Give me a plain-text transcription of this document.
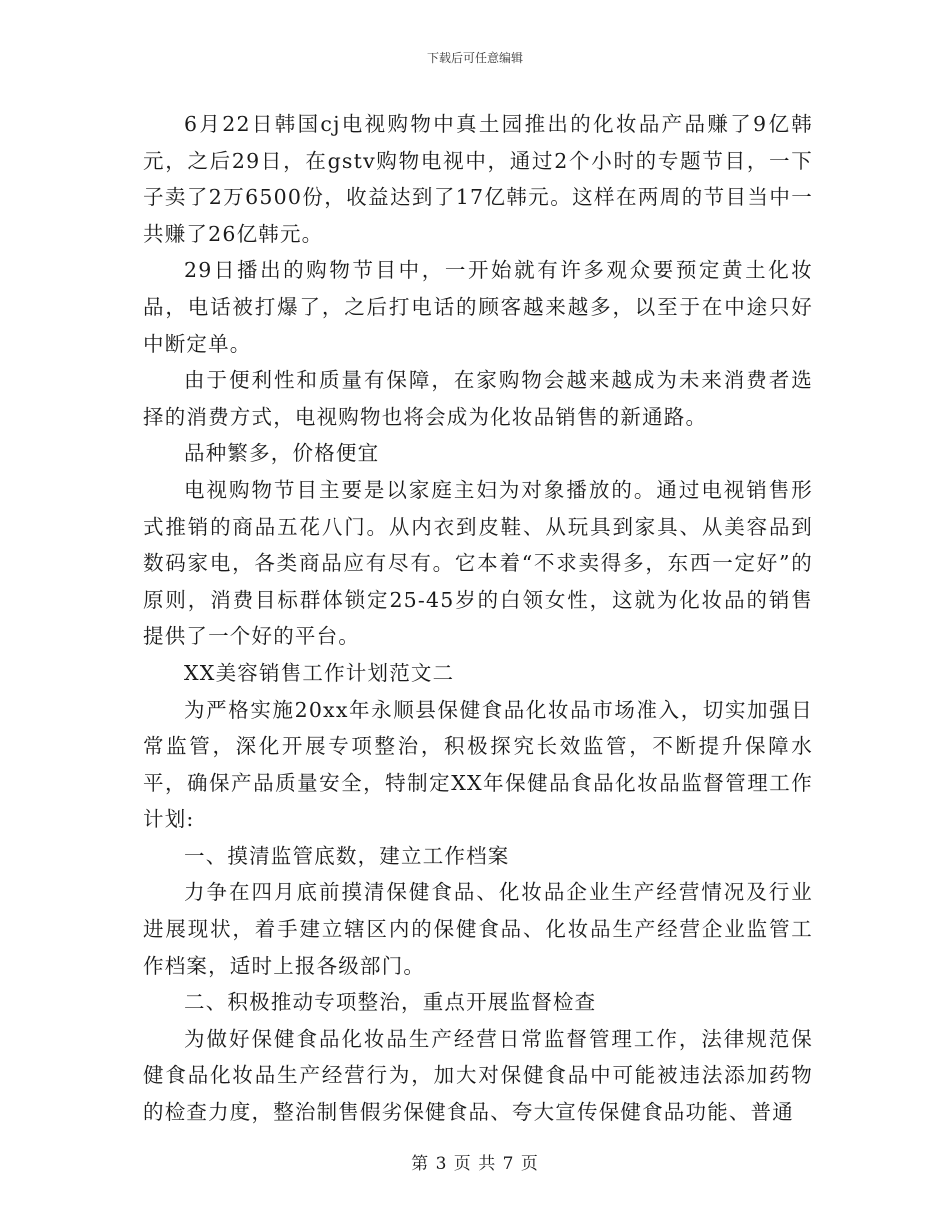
下载后可任意编辑

6月22日韩国cj电视购物中真土园推出的化妆品产品赚了9亿韩元，之后29日，在gstv购物电视中，通过2个小时的专题节目，一下子卖了2万6500份，收益达到了17亿韩元。这样在两周的节目当中一共赚了26亿韩元。

29日播出的购物节目中，一开始就有许多观众要预定黄土化妆品，电话被打爆了，之后打电话的顾客越来越多，以至于在中途只好中断定单。

由于便利性和质量有保障，在家购物会越来越成为未来消费者选择的消费方式，电视购物也将会成为化妆品销售的新通路。

品种繁多，价格便宜

电视购物节目主要是以家庭主妇为对象播放的。通过电视销售形式推销的商品五花八门。从内衣到皮鞋、从玩具到家具、从美容品到数码家电，各类商品应有尽有。它本着“不求卖得多，东西一定好”的原则，消费目标群体锁定25-45岁的白领女性，这就为化妆品的销售提供了一个好的平台。

XX美容销售工作计划范文二

为严格实施20xx年永顺县保健食品化妆品市场准入，切实加强日常监管，深化开展专项整治，积极探究长效监管，不断提升保障水平，确保产品质量安全，特制定XX年保健品食品化妆品监督管理工作计划:

一、摸清监管底数，建立工作档案

力争在四月底前摸清保健食品、化妆品企业生产经营情况及行业进展现状，着手建立辖区内的保健食品、化妆品生产经营企业监管工作档案，适时上报各级部门。

二、积极推动专项整治，重点开展监督检查

为做好保健食品化妆品生产经营日常监督管理工作，法律规范保健食品化妆品生产经营行为，加大对保健食品中可能被违法添加药物的检查力度，整治制售假劣保健食品、夸大宣传保健食品功能、普通

第 3 页 共 7 页
